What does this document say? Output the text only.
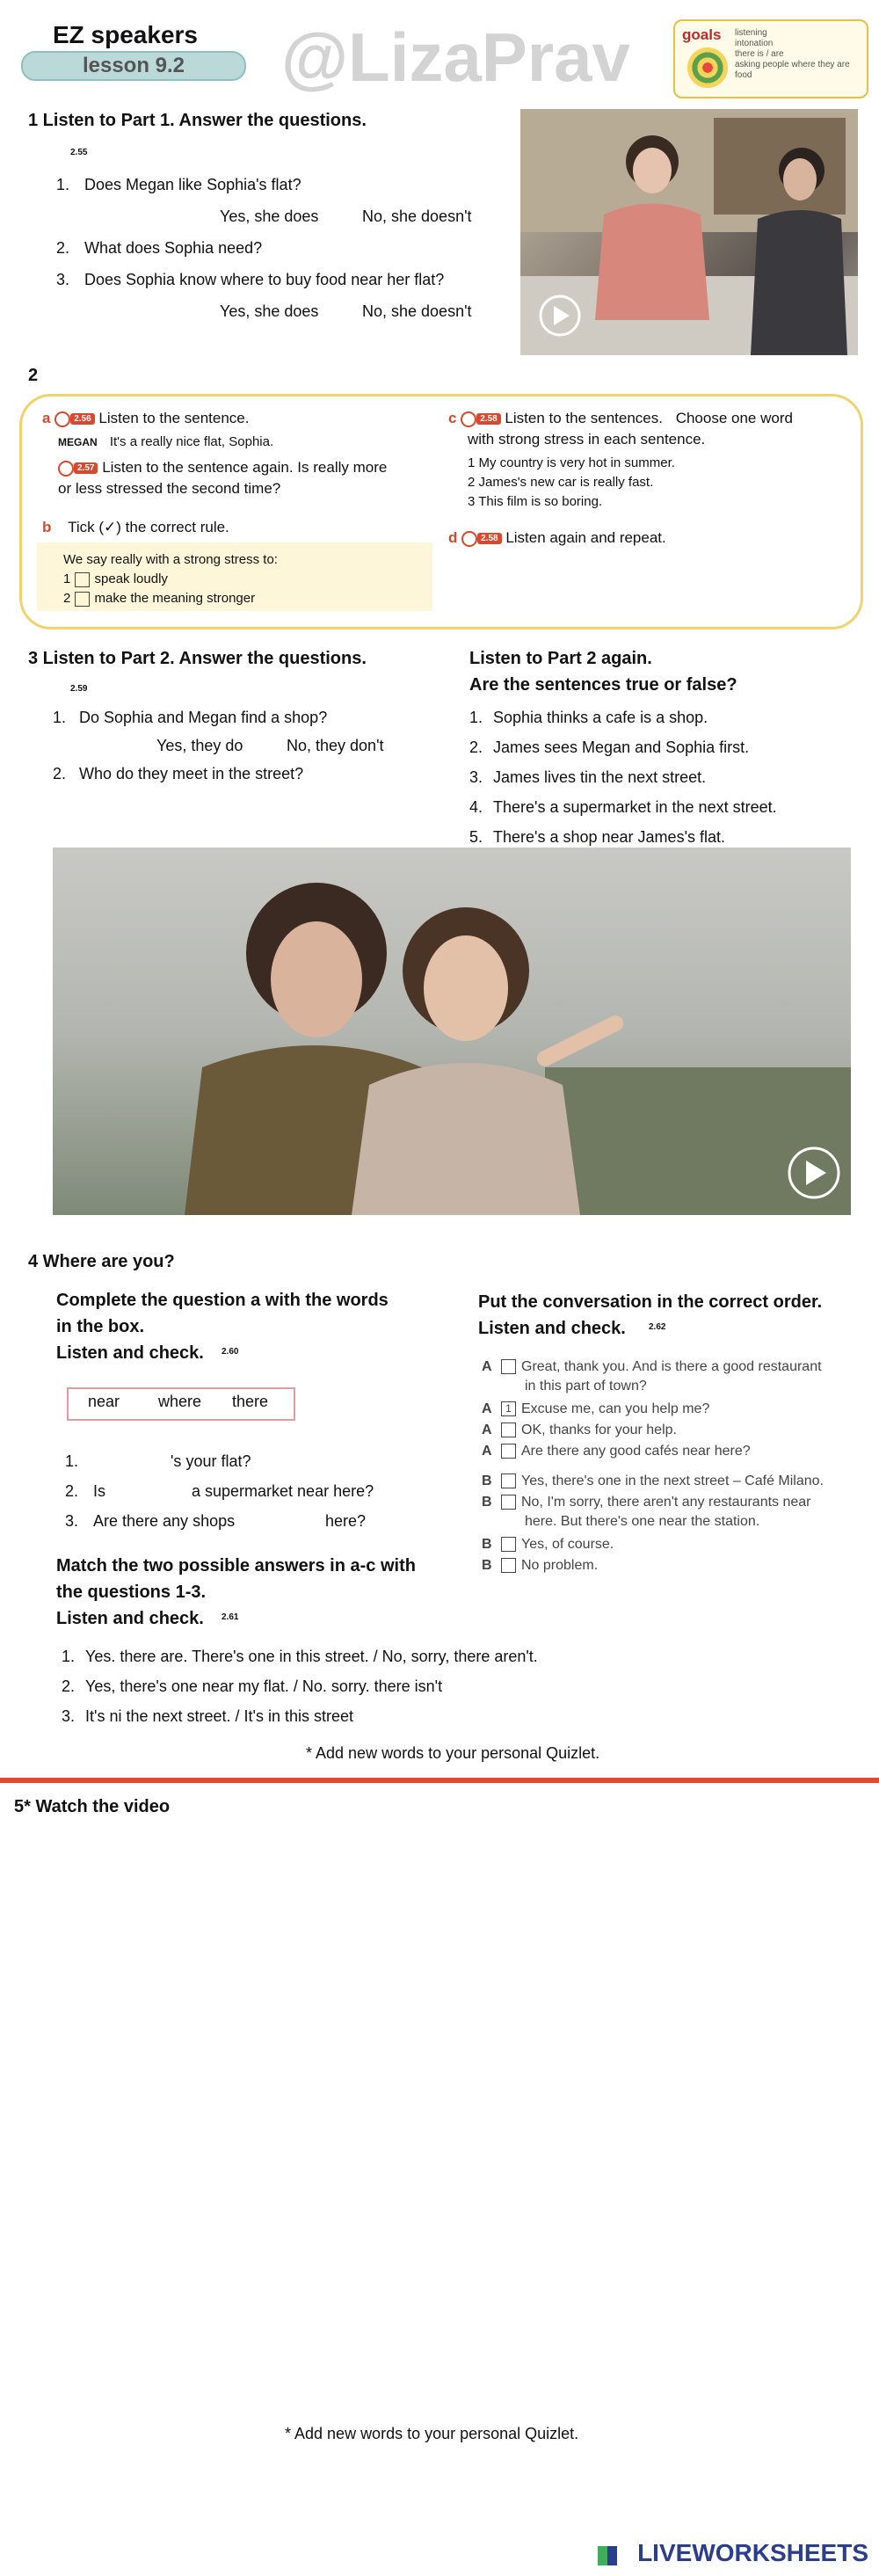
EZ speakers
lesson 9.2	@LizaPrav	goals listening
intonation
there is / are
asking people where they are
food
1 Listen to Part 1. Answer the questions.
2.55
1. Does Megan like Sophia's flat?
Yes, she does	No, she doesn't
2. What does Sophia need?
3. Does Sophia know where to buy food near her flat?
Yes, she does	No, she doesn't
2
a	2.56 Listen to the sentence.
MEGAN It's a really nice flat, Sophia.
2.57 Listen to the sentence again. Is really more
or less stressed the second time?
b Tick (✓) the correct rule.
We say really with a strong stress to:
1 speak loudly
2 make the meaning stronger
c	2.58 Listen to the sentences. Choose one word
with strong stress in each sentence.
1 My country is very hot in summer.
2 James's new car is really fast.
3 This film is so boring.
d	2.58 Listen again and repeat.
3 Listen to Part 2. Answer the questions.
2.59
1. Do Sophia and Megan find a shop?
Yes, they do	No, they don't
2. Who do they meet in the street?
Listen to Part 2 again.
Are the sentences true or false?
1. Sophia thinks a cafe is a shop.
2. James sees Megan and Sophia first.
3. James lives tin the next street.
4. There's a supermarket in the next street.
5. There's a shop near James's flat.
4 Where are you?
Complete the question a with the words
in the box.
Listen and check. 2.60
near where there
1.	's your flat?
2. Is	a supermarket near here?
3. Are there any shops	here?
Match the two possible answers in a-c with
the questions 1-3.
Listen and check. 2.61
1. Yes. there are. There's one in this street. / No, sorry, there aren't.
2. Yes, there's one near my flat. / No. sorry. there isn't
3. It's ni the next street. / It's in this street
Put the conversation in the correct order.
Listen and check.	2.62
A Great, thank you. And is there a good restaurant
in this part of town?
A 1 Excuse me, can you help me?
A OK, thanks for your help.
A Are there any good cafés near here?
B Yes, there's one in the next street – Café Milano.
B No, I'm sorry, there aren't any restaurants near
here. But there's one near the station.
B Yes, of course.
B No problem.
* Add new words to your personal Quizlet.
5* Watch the video
* Add new words to your personal Quizlet.
LIVEWORKSHEETS
